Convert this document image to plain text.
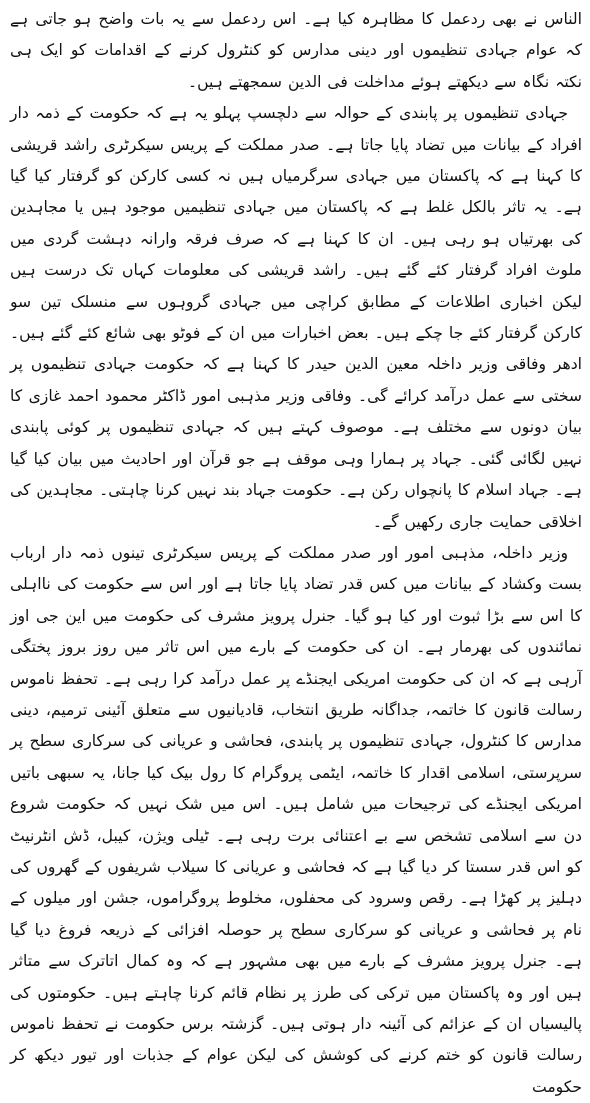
الناس نے بھی ردعمل کا مظاہرہ کیا ہے۔ اس ردعمل سے یہ بات واضح ہو جاتی ہے کہ عوام جہادی تنظیموں اور دینی مدارس کو کنٹرول کرنے کے اقدامات کو ایک ہی نکتہ نگاہ سے دیکھتے ہوئے مداخلت فی الدین سمجھتے ہیں۔

جہادی تنظیموں پر پابندی کے حوالہ سے دلچسپ پہلو یہ ہے کہ حکومت کے ذمہ دار افراد کے بیانات میں تضاد پایا جاتا ہے۔ صدر مملکت کے پریس سیکرٹری راشد قریشی کا کہنا ہے کہ پاکستان میں جہادی سرگرمیاں ہیں نہ کسی کارکن کو گرفتار کیا گیا ہے۔ یہ تاثر بالکل غلط ہے کہ پاکستان میں جہادی تنظیمیں موجود ہیں یا مجاہدین کی بھرتیاں ہو رہی ہیں۔ ان کا کہنا ہے کہ صرف فرقہ وارانہ دہشت گردی میں ملوث افراد گرفتار کئے گئے ہیں۔ راشد قریشی کی معلومات کہاں تک درست ہیں لیکن اخباری اطلاعات کے مطابق کراچی میں جہادی گروہوں سے منسلک تین سو کارکن گرفتار کئے جا چکے ہیں۔ بعض اخبارات میں ان کے فوٹو بھی شائع کئے گئے ہیں۔ ادھر وفاقی وزیر داخلہ معین الدین حیدر کا کہنا ہے کہ حکومت جہادی تنظیموں پر سختی سے عمل درآمد کرائے گی۔ وفاقی وزیر مذہبی امور ڈاکٹر محمود احمد غازی کا بیان دونوں سے مختلف ہے۔ موصوف کہتے ہیں کہ جہادی تنظیموں پر کوئی پابندی نہیں لگائی گئی۔ جہاد پر ہمارا وہی موقف ہے جو قرآن اور احادیث میں بیان کیا گیا ہے۔ جہاد اسلام کا پانچواں رکن ہے۔ حکومت جہاد بند نہیں کرنا چاہتی۔ مجاہدین کی اخلاقی حمایت جاری رکھیں گے۔

وزیر داخلہ، مذہبی امور اور صدر مملکت کے پریس سیکرٹری تینوں ذمہ دار ارباب بست وکشاد کے بیانات میں کس قدر تضاد پایا جاتا ہے اور اس سے حکومت کی نااہلی کا اس سے بڑا ثبوت اور کیا ہو گیا۔ جنرل پرویز مشرف کی حکومت میں این جی اوز نمائندوں کی بھرمار ہے۔ ان کی حکومت کے بارے میں اس تاثر میں روز بروز پختگی آرہی ہے کہ ان کی حکومت امریکی ایجنڈے پر عمل درآمد کرا رہی ہے۔ تحفظ ناموس رسالت قانون کا خاتمہ، جداگانہ طریق انتخاب، قادیانیوں سے متعلق آئینی ترمیم، دینی مدارس کا کنٹرول، جہادی تنظیموں پر پابندی، فحاشی و عریانی کی سرکاری سطح پر سرپرستی، اسلامی اقدار کا خاتمہ، ایٹمی پروگرام کا رول بیک کیا جانا، یہ سبھی باتیں امریکی ایجنڈے کی ترجیحات میں شامل ہیں۔ اس میں شک نہیں کہ حکومت شروع دن سے اسلامی تشخص سے بے اعتنائی برت رہی ہے۔ ٹیلی ویژن، کیبل، ڈش انٹرنیٹ کو اس قدر سستا کر دیا گیا ہے کہ فحاشی و عریانی کا سیلاب شریفوں کے گھروں کی دہلیز پر کھڑا ہے۔ رقص وسرود کی محفلوں، مخلوط پروگراموں، جشن اور میلوں کے نام پر فحاشی و عریانی کو سرکاری سطح پر حوصلہ افزائی کے ذریعہ فروغ دیا گیا ہے۔ جنرل پرویز مشرف کے بارے میں بھی مشہور ہے کہ وہ کمال اتاترک سے متاثر ہیں اور وہ پاکستان میں ترکی کی طرز پر نظام قائم کرنا چاہتے ہیں۔ حکومتوں کی پالیسیاں ان کے عزائم کی آئینہ دار ہوتی ہیں۔ گزشتہ برس حکومت نے تحفظ ناموس رسالت قانون کو ختم کرنے کی کوشش کی لیکن عوام کے جذبات اور تیور دیکھ کر حکومت
